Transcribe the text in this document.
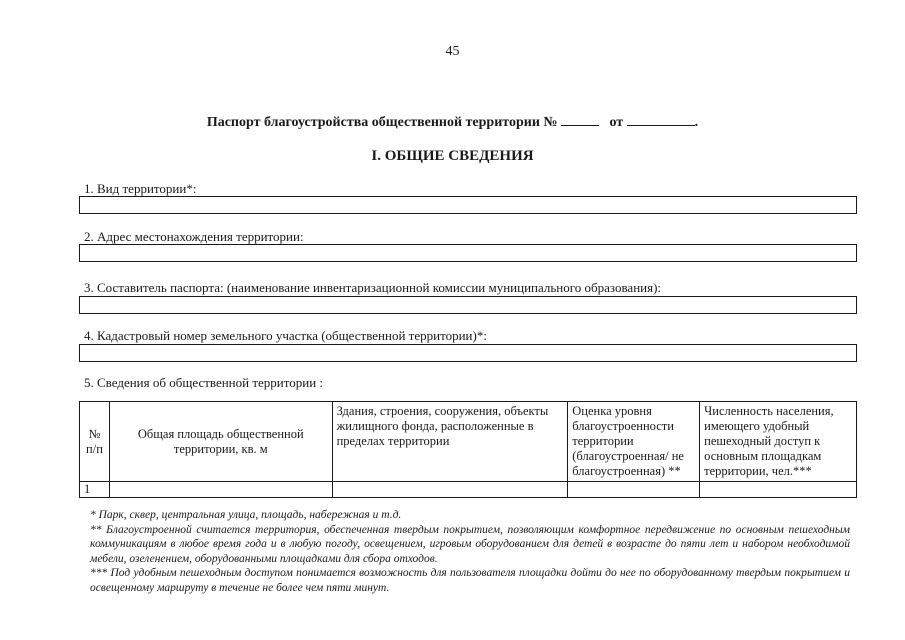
45
Паспорт благоустройства общественной территории №	от	.
I. ОБЩИЕ СВЕДЕНИЯ
1. Вид территории*:
2. Адрес местонахождения территории:
3. Составитель паспорта: (наименование инвентаризационной комиссии муниципального образования):
4. Кадастровый номер земельного участка (общественной территории)*:
5. Сведения об общественной территории :
№ п/п	Общая площадь общественной территории, кв. м	Здания, строения, сооружения, объекты жилищного фонда, расположенные в пределах территории	Оценка уровня благоустроенности территории (благоустроенная/ не благоустроенная) **	Численность населения, имеющего удобный пешеходный доступ к основным площадкам территории, чел.***
1				

* Парк, сквер, центральная улица, площадь, набережная и т.д.

** Благоустроенной считается территория, обеспеченная твердым покрытием, позволяющим комфортное передвижение по основным пешеходным коммуникациям в любое время года и в любую погоду, освещением, игровым оборудованием для детей в возрасте до пяти лет и набором необходимой мебели, озеленением, оборудованными площадками для сбора отходов.

*** Под удобным пешеходным доступом понимается возможность для пользователя площадки дойти до нее по оборудованному твердым покрытием и освещенному маршруту в течение не более чем пяти минут.
